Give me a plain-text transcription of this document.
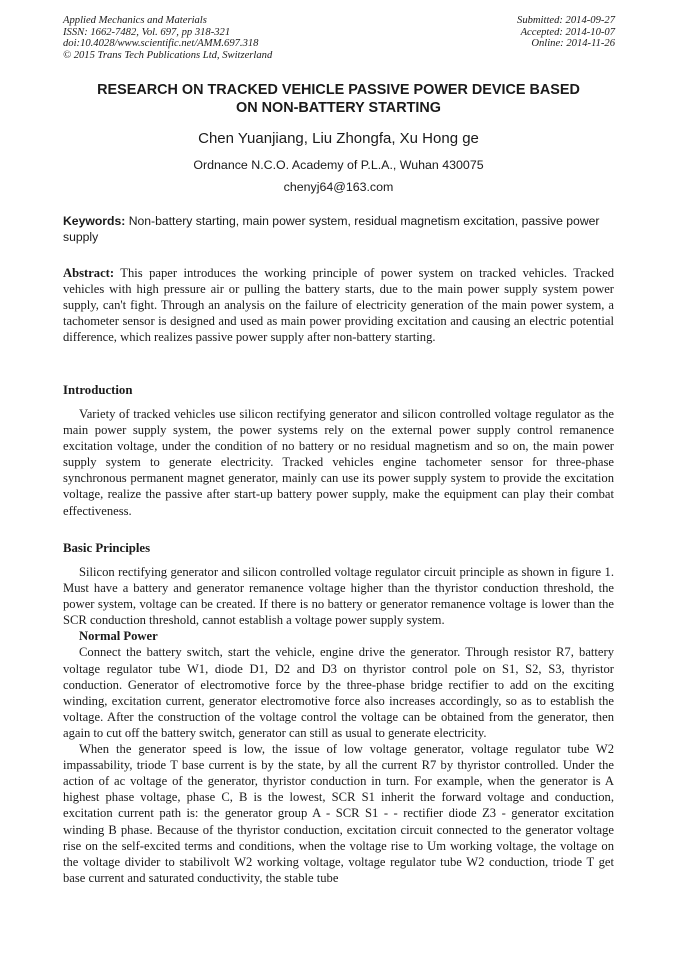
Applied Mechanics and Materials
ISSN: 1662-7482, Vol. 697, pp 318-321
doi:10.4028/www.scientific.net/AMM.697.318
© 2015 Trans Tech Publications Ltd, Switzerland
Submitted: 2014-09-27
Accepted: 2014-10-07
Online: 2014-11-26
RESEARCH ON TRACKED VEHICLE PASSIVE POWER DEVICE BASED
ON NON-BATTERY STARTING
Chen Yuanjiang, Liu Zhongfa, Xu Hong ge
Ordnance N.C.O. Academy of P.L.A., Wuhan 430075
chenyj64@163.com
Keywords: Non-battery starting, main power system, residual magnetism excitation, passive power supply
Abstract: This paper introduces the working principle of power system on tracked vehicles. Tracked vehicles with high pressure air or pulling the battery starts, due to the main power supply system power supply, can't fight. Through an analysis on the failure of electricity generation of the main power system, a tachometer sensor is designed and used as main power providing excitation and causing an electric potential difference, which realizes passive power supply after non-battery starting.
Introduction

Variety of tracked vehicles use silicon rectifying generator and silicon controlled voltage regulator as the main power supply system, the power systems rely on the external power supply control remanence excitation voltage, under the condition of no battery or no residual magnetism and so on, the main power supply system to generate electricity. Tracked vehicles engine tachometer sensor for three-phase synchronous permanent magnet generator, mainly can use its power supply system to provide the excitation voltage, realize the passive after start-up battery power supply, make the equipment can play their combat effectiveness.

Basic Principles

Silicon rectifying generator and silicon controlled voltage regulator circuit principle as shown in figure 1. Must have a battery and generator remanence voltage higher than the thyristor conduction threshold, the power system, voltage can be created. If there is no battery or generator remanence voltage is lower than the SCR conduction threshold, cannot establish a voltage power supply system.

Normal Power

Connect the battery switch, start the vehicle, engine drive the generator. Through resistor R7, battery voltage regulator tube W1, diode D1, D2 and D3 on thyristor control pole on S1, S2, S3, thyristor conduction. Generator of electromotive force by the three-phase bridge rectifier to add on the exciting winding, excitation current, generator electromotive force also increases accordingly, so as to establish the voltage. After the construction of the voltage control the voltage can be obtained from the generator, then again to cut off the battery switch, generator can still as usual to generate electricity.

When the generator speed is low, the issue of low voltage generator, voltage regulator tube W2 impassability, triode T base current is by the state, by all the current R7 by thyristor controlled. Under the action of ac voltage of the generator, thyristor conduction in turn. For example, when the generator is A highest phase voltage, phase C, B is the lowest, SCR S1 inherit the forward voltage and conduction, excitation current path is: the generator group A - SCR S1 - - rectifier diode Z3 - generator excitation winding B phase. Because of the thyristor conduction, excitation circuit connected to the generator voltage rise on the self-excited terms and conditions, when the voltage rise to Um working voltage, the voltage on the voltage divider to stabilivolt W2 working voltage, voltage regulator tube W2 conduction, triode T get base current and saturated conductivity, the stable tube
